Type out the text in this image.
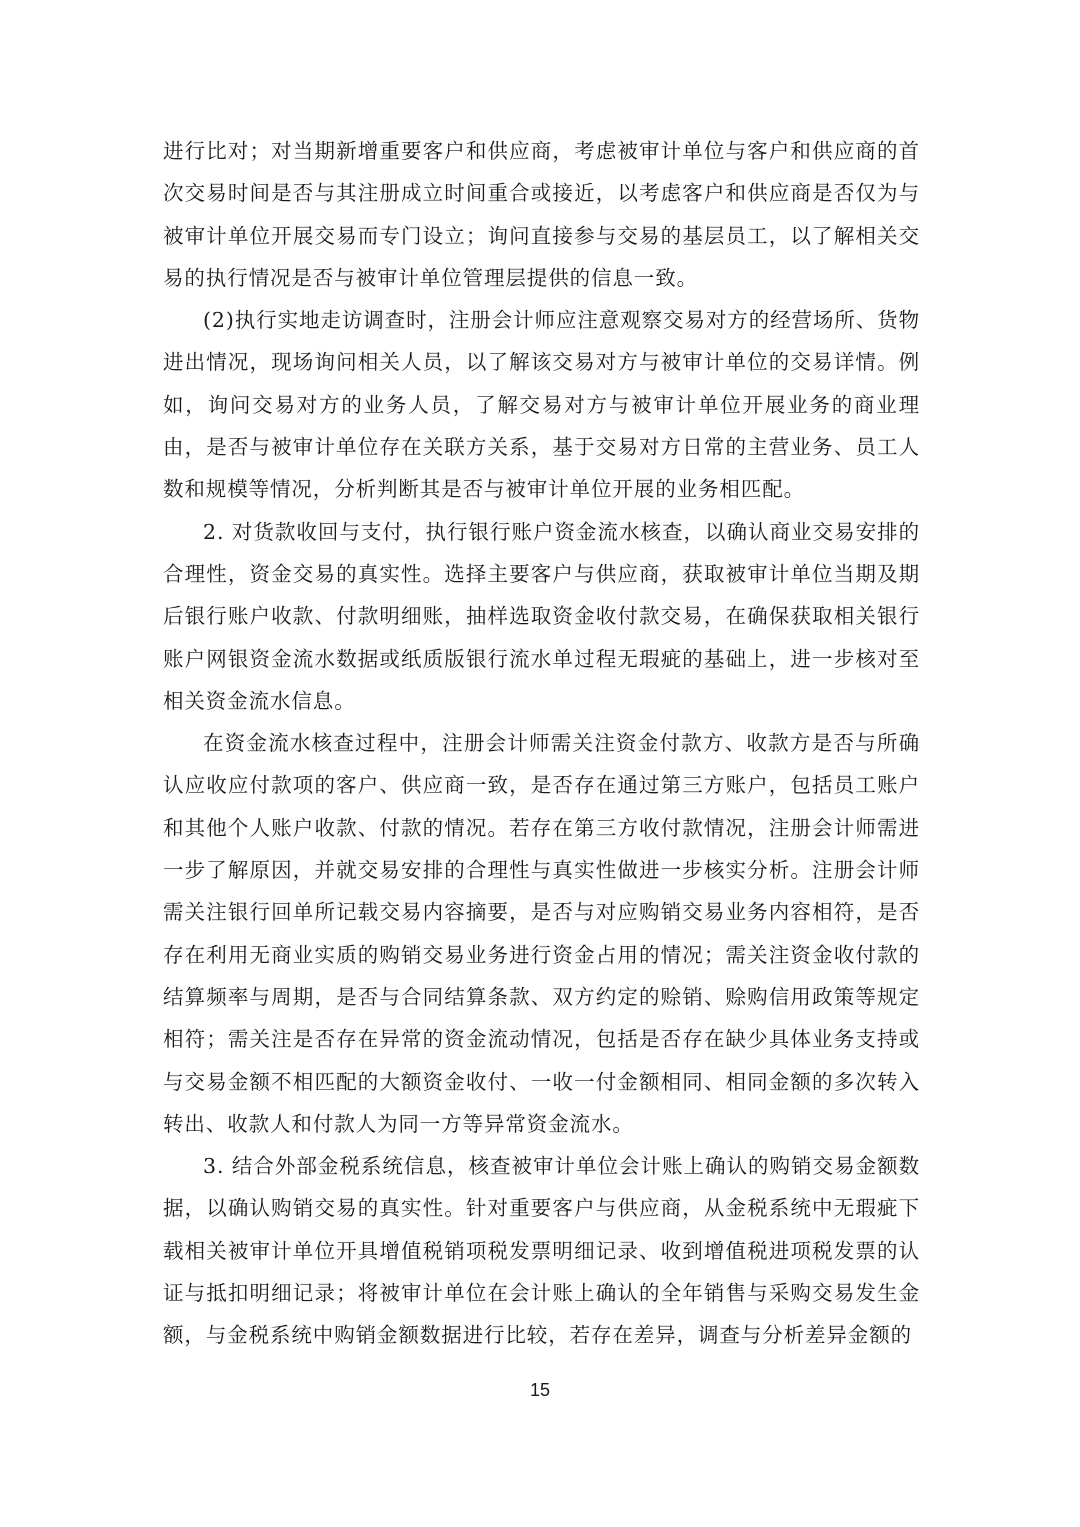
进行比对；对当期新增重要客户和供应商，考虑被审计单位与客户和供应商的首次交易时间是否与其注册成立时间重合或接近，以考虑客户和供应商是否仅为与被审计单位开展交易而专门设立；询问直接参与交易的基层员工，以了解相关交易的执行情况是否与被审计单位管理层提供的信息一致。

(2)执行实地走访调查时，注册会计师应注意观察交易对方的经营场所、货物进出情况，现场询问相关人员，以了解该交易对方与被审计单位的交易详情。例如，询问交易对方的业务人员，了解交易对方与被审计单位开展业务的商业理由，是否与被审计单位存在关联方关系，基于交易对方日常的主营业务、员工人数和规模等情况，分析判断其是否与被审计单位开展的业务相匹配。

2. 对货款收回与支付，执行银行账户资金流水核查，以确认商业交易安排的合理性，资金交易的真实性。选择主要客户与供应商，获取被审计单位当期及期后银行账户收款、付款明细账，抽样选取资金收付款交易，在确保获取相关银行账户网银资金流水数据或纸质版银行流水单过程无瑕疵的基础上，进一步核对至相关资金流水信息。

在资金流水核查过程中，注册会计师需关注资金付款方、收款方是否与所确认应收应付款项的客户、供应商一致，是否存在通过第三方账户，包括员工账户和其他个人账户收款、付款的情况。若存在第三方收付款情况，注册会计师需进一步了解原因，并就交易安排的合理性与真实性做进一步核实分析。注册会计师需关注银行回单所记载交易内容摘要，是否与对应购销交易业务内容相符，是否存在利用无商业实质的购销交易业务进行资金占用的情况；需关注资金收付款的结算频率与周期，是否与合同结算条款、双方约定的赊销、赊购信用政策等规定相符；需关注是否存在异常的资金流动情况，包括是否存在缺少具体业务支持或与交易金额不相匹配的大额资金收付、一收一付金额相同、相同金额的多次转入转出、收款人和付款人为同一方等异常资金流水。

3. 结合外部金税系统信息，核查被审计单位会计账上确认的购销交易金额数据，以确认购销交易的真实性。针对重要客户与供应商，从金税系统中无瑕疵下载相关被审计单位开具增值税销项税发票明细记录、收到增值税进项税发票的认证与抵扣明细记录；将被审计单位在会计账上确认的全年销售与采购交易发生金额，与金税系统中购销金额数据进行比较，若存在差异，调查与分析差异金额的

15
